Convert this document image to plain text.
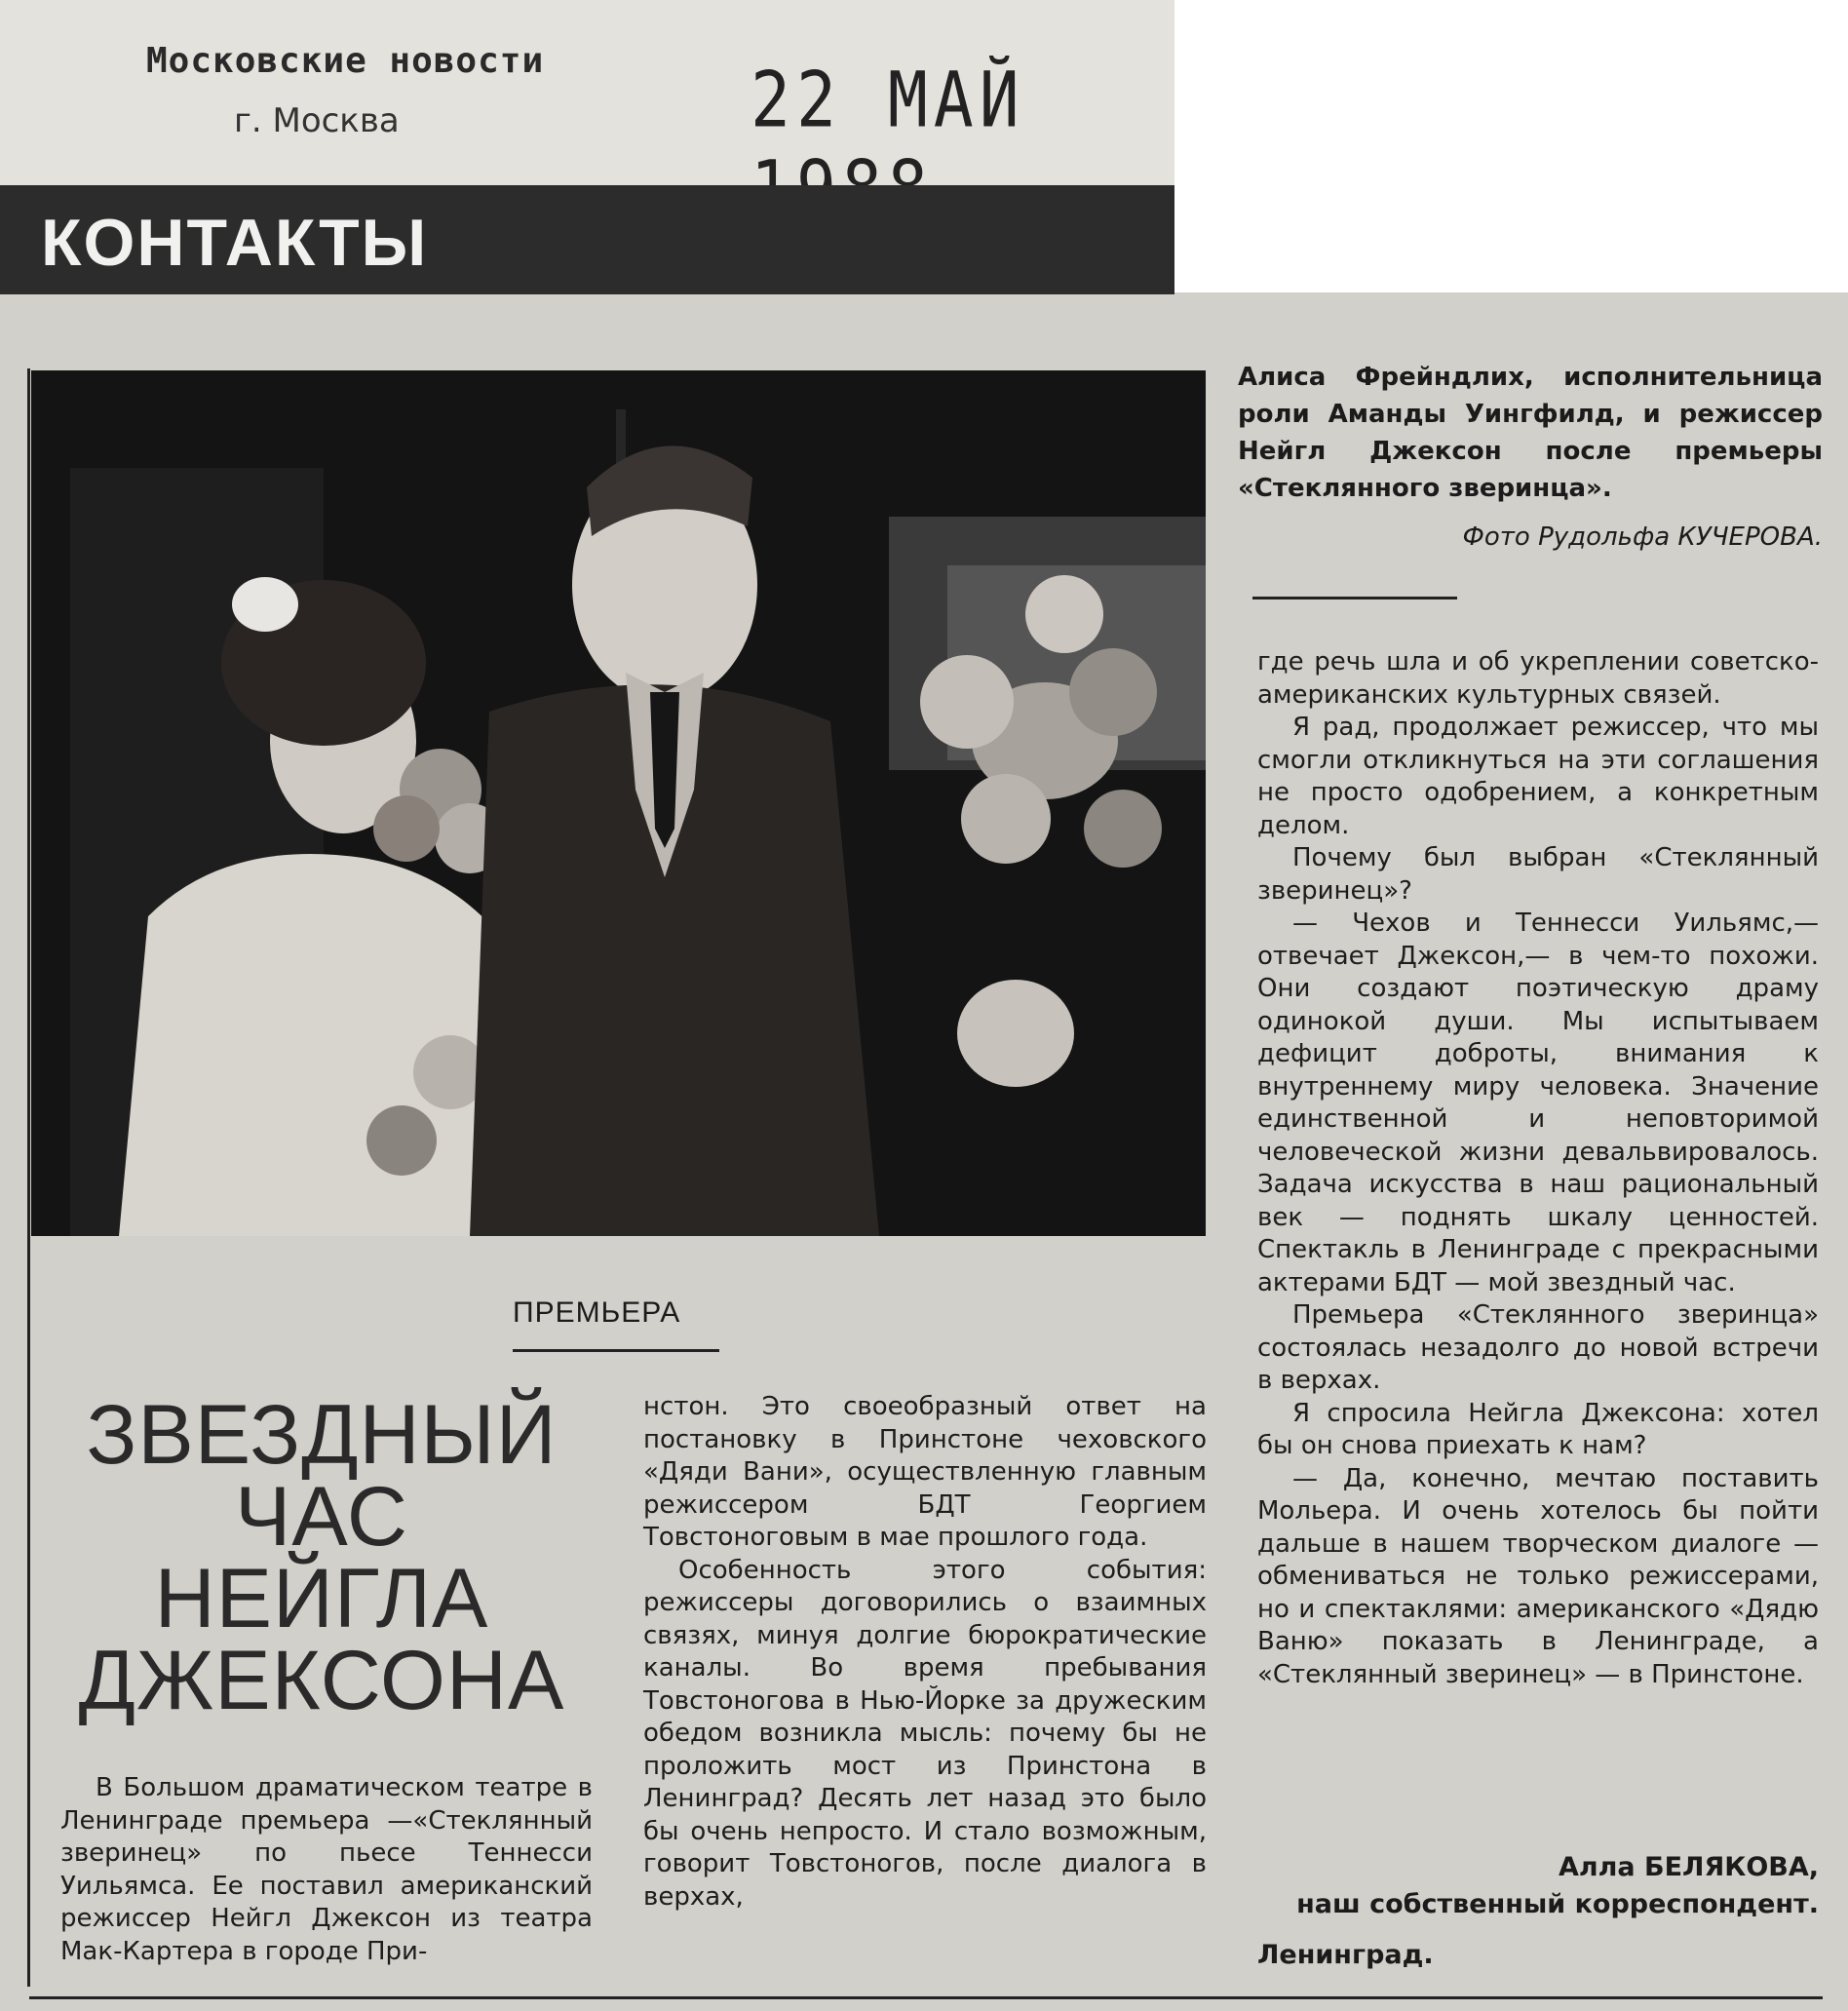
Московские новости
г. Москва	22 МАЙ
КОНТАКТЫ
Алиса Фрейндлих, исполнительница роли Аманды Уингфилд, и режиссер Нейгл Джексон после премьеры «Стеклянного зверинца».
Фото Рудольфа КУЧЕРОВА.
ПРЕМЬЕРА
ЗВЕЗДНЫЙ
ЧАС
НЕЙГЛА
ДЖЕКСОНА

В Большом драматическом театре в Ленинграде премьера —«Стеклянный зверинец» по пьесе Теннесси Уильямса. Ее поставил американский режиссер Нейгл Джексон из театра Мак-Картера в городе При-

нстон. Это своеобразный ответ на постановку в Принстоне чеховского «Дяди Вани», осуществленную главным режиссером БДТ Георгием Товстоноговым в мае прошлого года.

Особенность этого события: режиссеры договорились о взаимных связях, минуя долгие бюрократические каналы. Во время пребывания Товстоногова в Нью-Йорке за дружеским обедом возникла мысль: почему бы не проложить мост из Принстона в Ленинград? Десять лет назад это было бы очень непросто. И стало возможным, говорит Товстоногов, после диалога в верхах,

где речь шла и об укреплении советско-американских культурных связей.

Я рад, продолжает режиссер, что мы смогли откликнуться на эти соглашения не просто одобрением, а конкретным делом.

Почему был выбран «Стеклянный зверинец»?

— Чехов и Теннесси Уильямс,— отвечает Джексон,— в чем-то похожи. Они создают поэтическую драму одинокой души. Мы испытываем дефицит доброты, внимания к внутреннему миру человека. Значение единственной и неповторимой человеческой жизни девальвировалось. Задача искусства в наш рациональный век — поднять шкалу ценностей. Спектакль в Ленинграде с прекрасными актерами БДТ — мой звездный час.

Премьера «Стеклянного зверинца» состоялась незадолго до новой встречи в верхах.

Я спросила Нейгла Джексона: хотел бы он снова приехать к нам?

— Да, конечно, мечтаю поставить Мольера. И очень хотелось бы пойти дальше в нашем творческом диалоге — обмениваться не только режиссерами, но и спектаклями: американского «Дядю Ваню» показать в Ленинграде, а «Стеклянный зверинец» — в Принстоне.

Алла БЕЛЯКОВА,
наш собственный корреспондент.
Ленинград.
